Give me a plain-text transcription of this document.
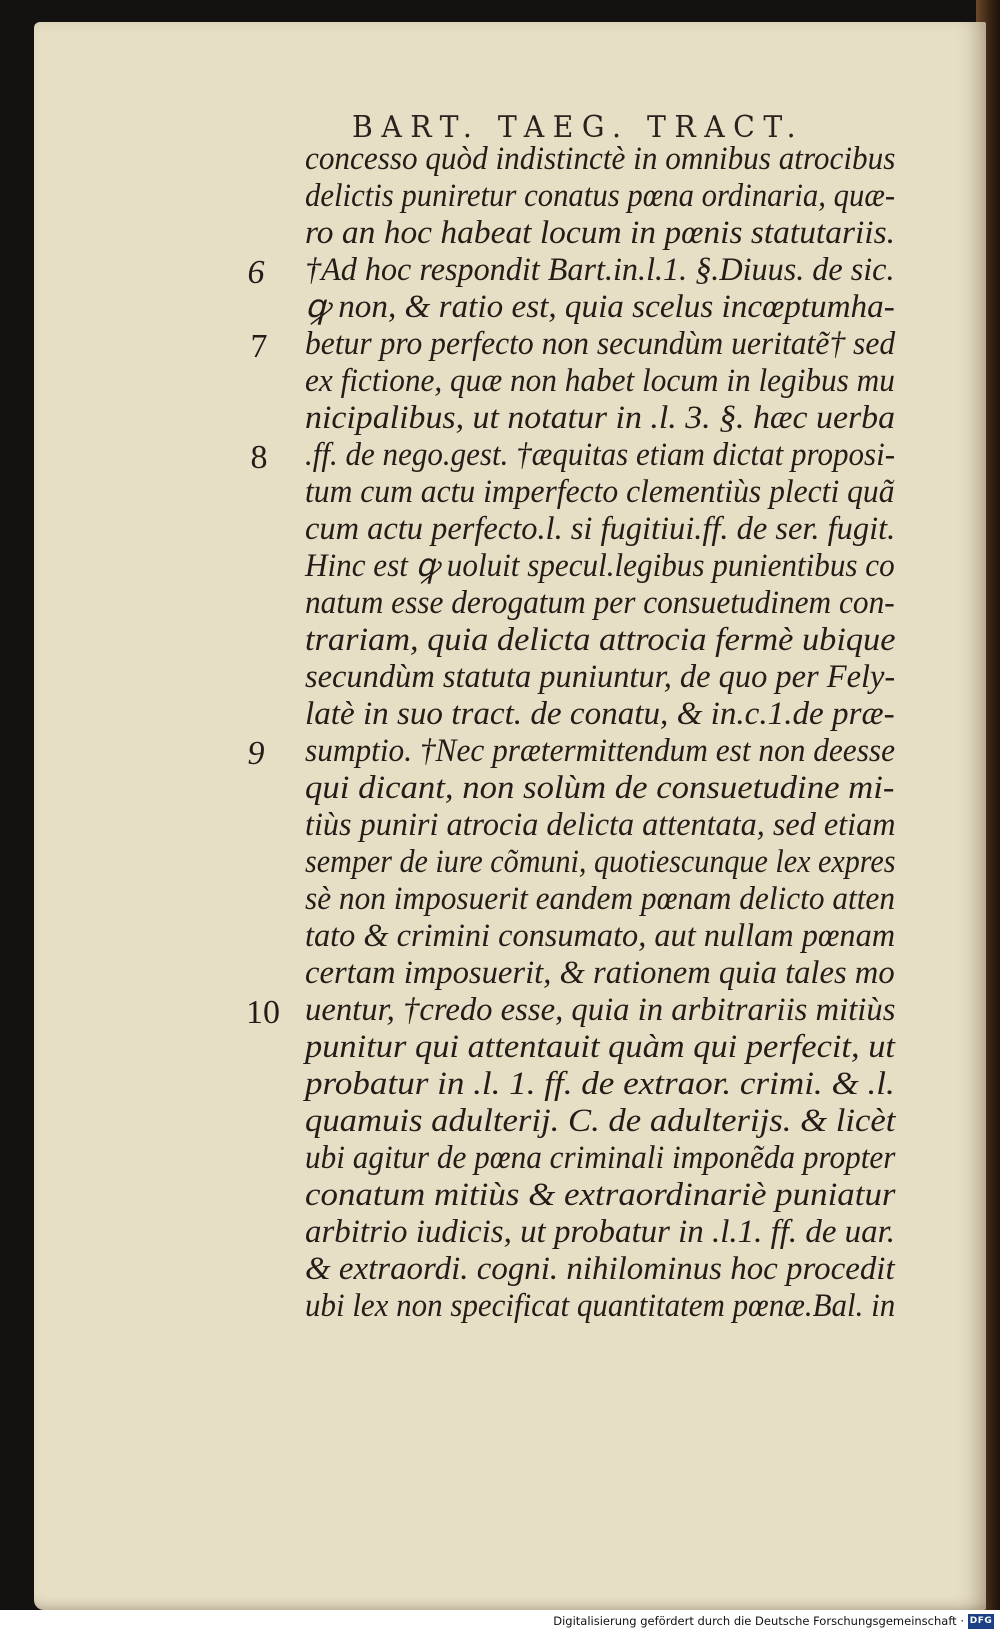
BART. TAEG. TRACT.
concesso quòd indistinctè in omnibus atrocibus
delictis puniretur conatus pœna ordinaria, quæ-
ro an hoc habeat locum in pœnis statutariis.
†Ad hoc respondit Bart.in.l.1. §.Diuus. de sic.
ꝙ non, & ratio est, quia scelus incœptumha-
betur pro perfecto non secundùm ueritatẽ† sed
ex fictione, quæ non habet locum in legibus mu
nicipalibus, ut notatur in .l. 3. §. hæc uerba
.ff. de nego.gest. †æquitas etiam dictat proposi-
tum cum actu imperfecto clementiùs plecti quã
cum actu perfecto.l. si fugitiui.ff. de ser. fugit.
Hinc est ꝙ uoluit specul.legibus punientibus co
natum esse derogatum per consuetudinem con-
trariam, quia delicta attrocia fermè ubique
secundùm statuta puniuntur, de quo per Fely-
latè in suo tract. de conatu, & in.c.1.de præ-
sumptio. †Nec prætermittendum est non deesse
qui dicant, non solùm de consuetudine mi-
tiùs puniri atrocia delicta attentata, sed etiam
semper de iure cõmuni, quotiescunque lex expres
sè non imposuerit eandem pœnam delicto atten
tato & crimini consumato, aut nullam pœnam
certam imposuerit, & rationem quia tales mo
uentur, †credo esse, quia in arbitrariis mitiùs
punitur qui attentauit quàm qui perfecit, ut
probatur in .l. 1. ff. de extraor. crimi. & .l.
quamuis adulterij. C. de adulterijs. & licèt
ubi agitur de pœna criminali imponẽda propter
conatum mitiùs & extraordinariè puniatur
arbitrio iudicis, ut probatur in .l.1. ff. de uar.
& extraordi. cogni. nihilominus hoc procedit
ubi lex non specificat quantitatem pœnæ.Bal. in
6
7
8
9
10
Digitalisierung gefördert durch die Deutsche Forschungsgemeinschaft · DFG
